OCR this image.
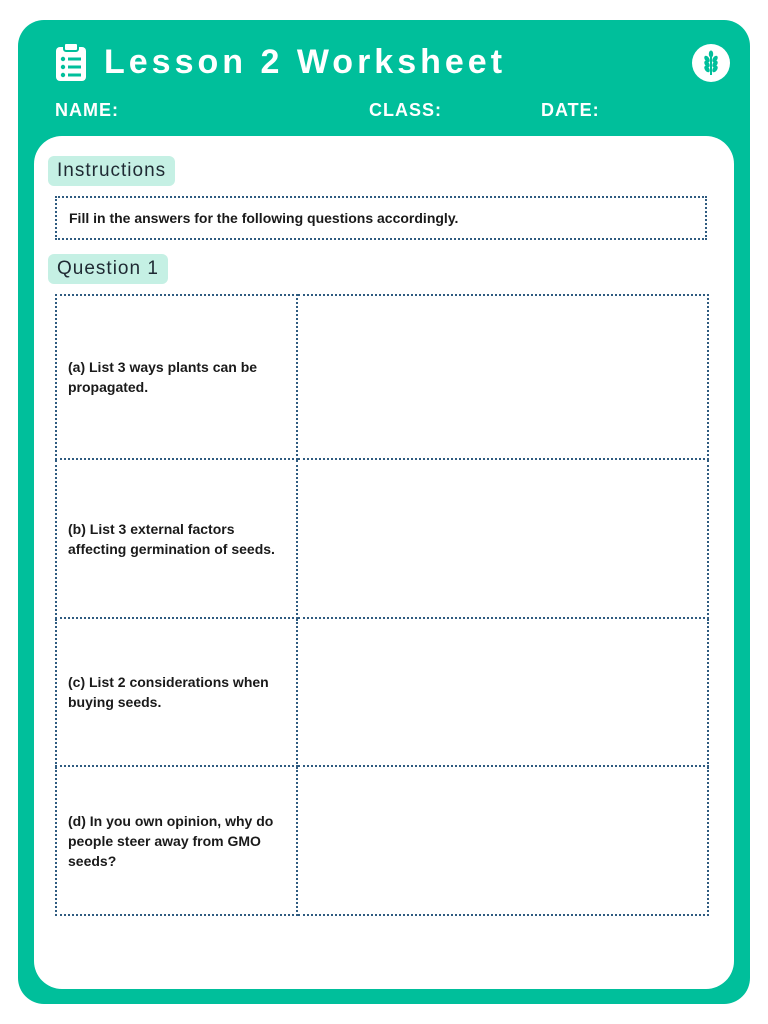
Lesson 2 Worksheet
NAME:	CLASS:	DATE:
Instructions
Fill in the answers for the following questions accordingly.
Question 1
(a) List 3 ways plants can be propagated.	
(b) List 3 external factors affecting germination of seeds.	
(c) List 2 considerations when buying seeds.	
(d) In you own opinion, why do people steer away from GMO seeds?	
